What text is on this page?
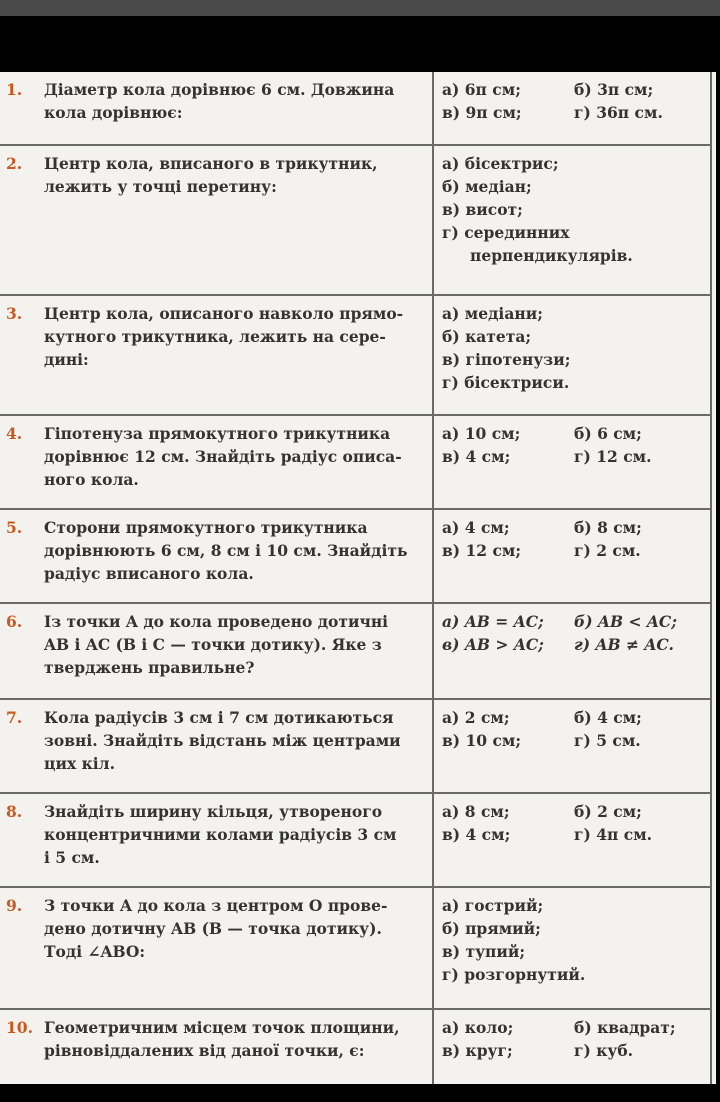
1. Діаметр кола дорівнює 6 см. Довжина
кола дорівнює:
а) 6π см;	б) 3π см;
в) 9π см;	г) 36π см.
2. Центр кола, вписаного в трикутник,
лежить у точці перетину:
а) бісектрис;
б) медіан;
в) висот;
г) серединних
перпендикулярів.
3. Центр кола, описаного навколо прямо-
кутного трикутника, лежить на сере-
дині:
а) медіани;
б) катета;
в) гіпотенузи;
г) бісектриси.
4. Гіпотенуза прямокутного трикутника
дорівнює 12 см. Знайдіть радіус описа-
ного кола.
а) 10 см;	б) 6 см;
в) 4 см;	г) 12 см.
5. Сторони прямокутного трикутника
дорівнюють 6 см, 8 см і 10 см. Знайдіть
радіус вписаного кола.
а) 4 см;	б) 8 см;
в) 12 см;	г) 2 см.
6. Із точки A до кола проведено дотичні
AB і AC (B і C — точки дотику). Яке з
тверджень правильне?
а) AB = AC;	б) AB < AC;
в) AB > AC;	г) AB ≠ AC.
7. Кола радіусів 3 см і 7 см дотикаються
зовні. Знайдіть відстань між центрами
цих кіл.
а) 2 см;	б) 4 см;
в) 10 см;	г) 5 см.
8. Знайдіть ширину кільця, утвореного
концентричними колами радіусів 3 см
і 5 см.
а) 8 см;	б) 2 см;
в) 4 см;	г) 4π см.
9. З точки A до кола з центром O прове-
дено дотичну AB (B — точка дотику).
Тоді ∠ABO:
а) гострий;
б) прямий;
в) тупий;
г) розгорнутий.
10. Геометричним місцем точок площини,
рівновіддалених від даної точки, є:
а) коло;	б) квадрат;
в) круг;	г) куб.
